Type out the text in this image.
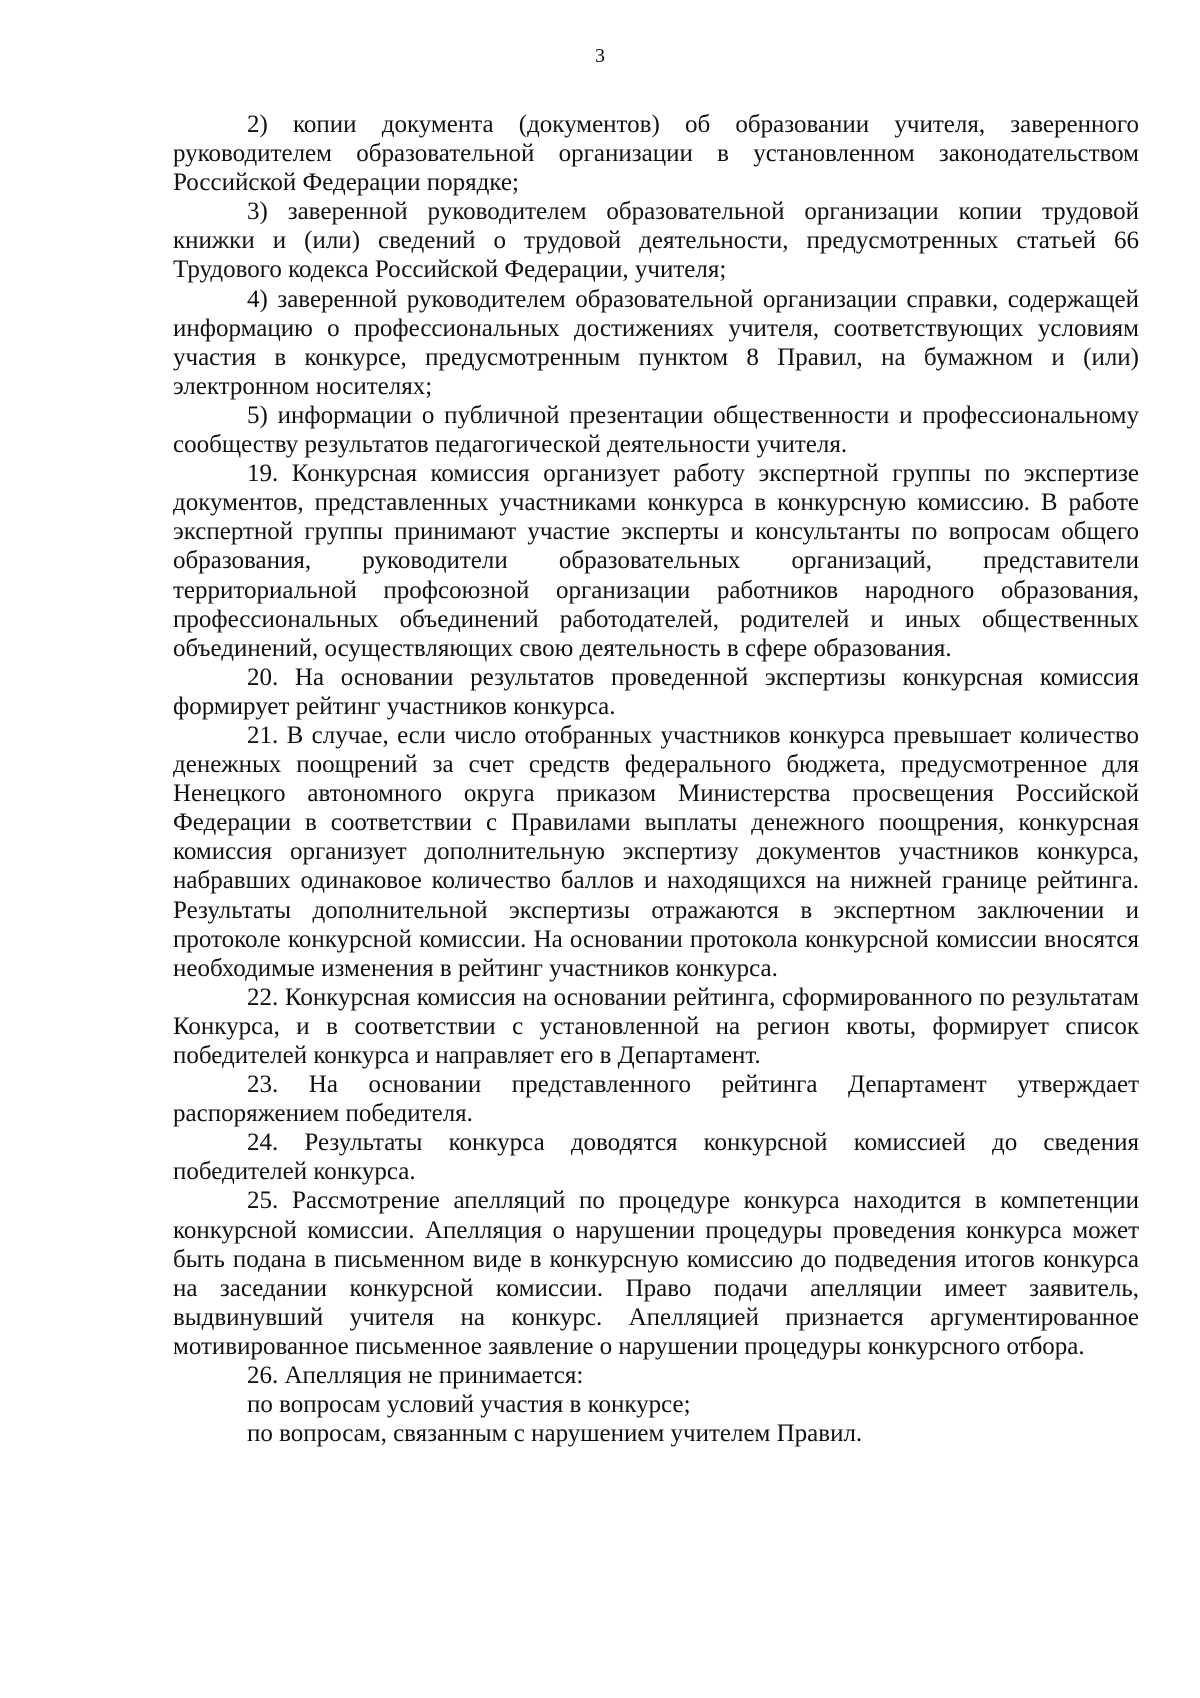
3

2) копии документа (документов) об образовании учителя, заверенного руководителем образовательной организации в установленном законодательством Российской Федерации порядке;

3) заверенной руководителем образовательной организации копии трудовой книжки и (или) сведений о трудовой деятельности, предусмотренных статьей 66 Трудового кодекса Российской Федерации, учителя;

4) заверенной руководителем образовательной организации справки, содержащей информацию о профессиональных достижениях учителя, соответствующих условиям участия в конкурсе, предусмотренным пунктом 8 Правил, на бумажном и (или) электронном носителях;

5) информации о публичной презентации общественности и профессиональному сообществу результатов педагогической деятельности учителя.

19. Конкурсная комиссия организует работу экспертной группы по экспертизе документов, представленных участниками конкурса в конкурсную комиссию. В работе экспертной группы принимают участие эксперты и консультанты по вопросам общего образования, руководители образовательных организаций, представители территориальной профсоюзной организации работников народного образования, профессиональных объединений работодателей, родителей и иных общественных объединений, осуществляющих свою деятельность в сфере образования.

20. На основании результатов проведенной экспертизы конкурсная комиссия формирует рейтинг участников конкурса.

21. В случае, если число отобранных участников конкурса превышает количество денежных поощрений за счет средств федерального бюджета, предусмотренное для Ненецкого автономного округа приказом Министерства просвещения Российской Федерации в соответствии с Правилами выплаты денежного поощрения, конкурсная комиссия организует дополнительную экспертизу документов участников конкурса, набравших одинаковое количество баллов и находящихся на нижней границе рейтинга. Результаты дополнительной экспертизы отражаются в экспертном заключении и протоколе конкурсной комиссии. На основании протокола конкурсной комиссии вносятся необходимые изменения в рейтинг участников конкурса.

22. Конкурсная комиссия на основании рейтинга, сформированного по результатам Конкурса, и в соответствии с установленной на регион квоты, формирует список победителей конкурса и направляет его в Департамент.

23. На основании представленного рейтинга Департамент утверждает распоряжением победителя.

24. Результаты конкурса доводятся конкурсной комиссией до сведения победителей конкурса.

25. Рассмотрение апелляций по процедуре конкурса находится в компетенции конкурсной комиссии. Апелляция о нарушении процедуры проведения конкурса может быть подана в письменном виде в конкурсную комиссию до подведения итогов конкурса на заседании конкурсной комиссии. Право подачи апелляции имеет заявитель, выдвинувший учителя на конкурс. Апелляцией признается аргументированное мотивированное письменное заявление о нарушении процедуры конкурсного отбора.

26. Апелляция не принимается:

по вопросам условий участия в конкурсе;

по вопросам, связанным с нарушением учителем Правил.
